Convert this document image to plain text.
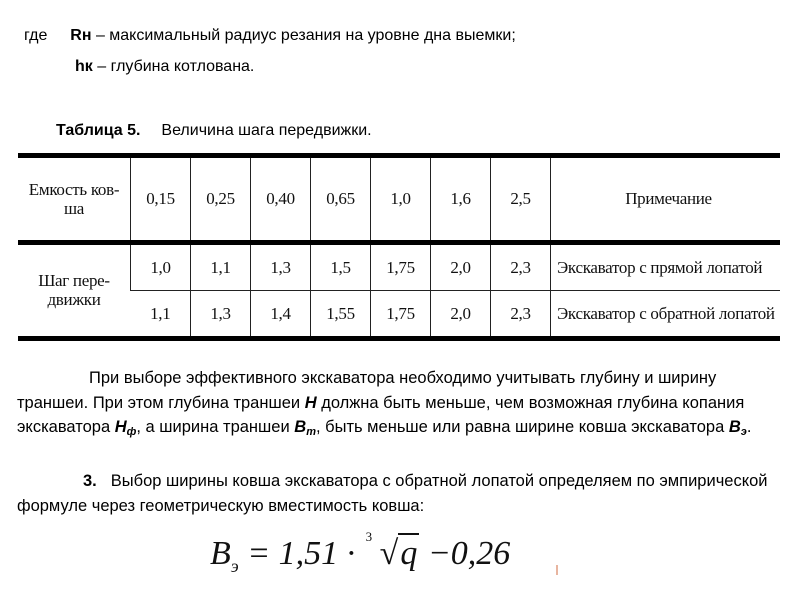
где Rн – максимальный радиус резания на уровне дна выемки;
hк – глубина котлована.
Таблица 5. Величина шага передвижки.
Емкость ков-
ша	0,15	0,25	0,40	0,65	1,0	1,6	2,5	Примечание
Шаг пере-
движки	1,0	1,1	1,3	1,5	1,75	2,0	2,3	Экскаватор с прямой лопатой
	1,1	1,3	1,4	1,55	1,75	2,0	2,3	Экскаватор с обратной лопатой
При выборе эффективного экскаватора необходимо учитывать глубину и ширину траншеи. При этом глубина траншеи H должна быть меньше, чем возможная глубина копания экскаватора $H_ф$, а ширина траншеи $B_т$, быть меньше или равна ширине ковша экскаватора $B_э$.
3. Выбор ширины ковша экскаватора с обратной лопатой определяем по эмпирической формуле через геометрическую вместимость ковша:
$B_э = 1,51 \cdot 3$ √q −0,26
